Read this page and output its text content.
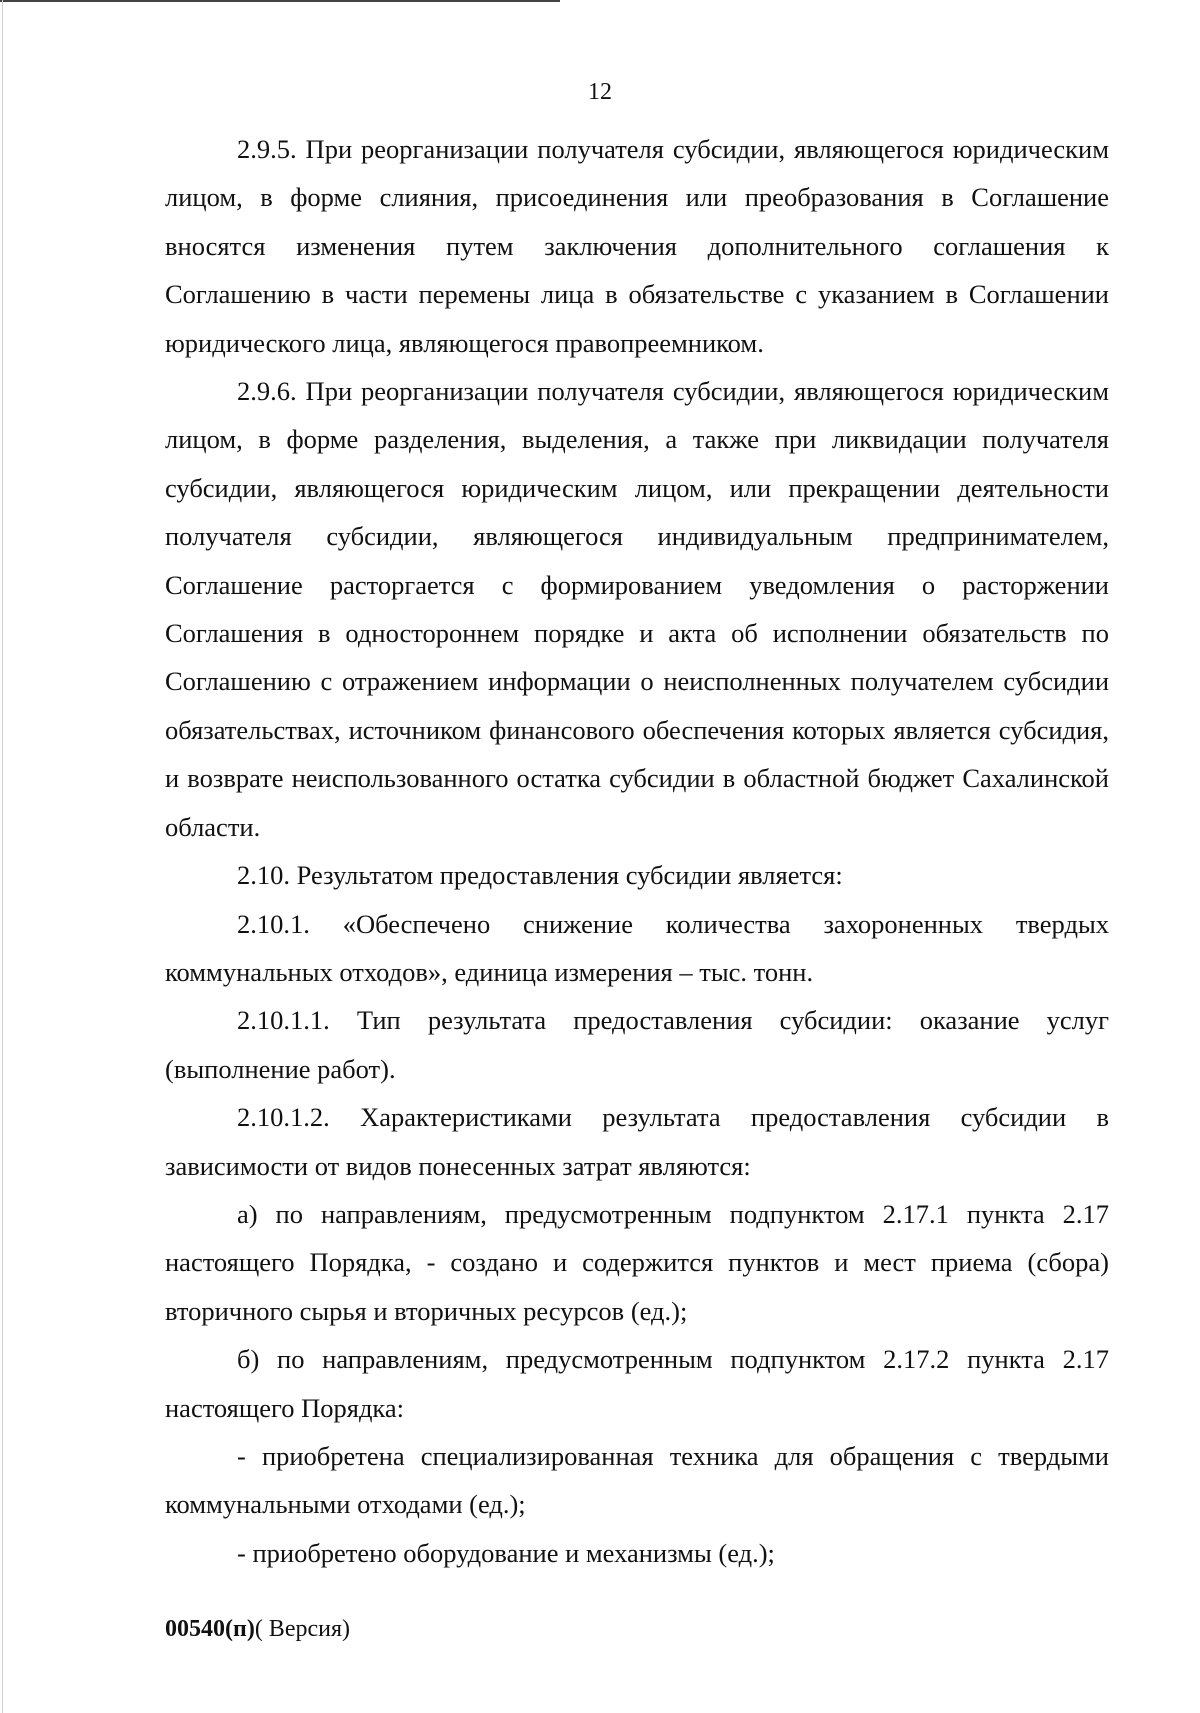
12

2.9.5. При реорганизации получателя субсидии, являющегося юридическим лицом, в форме слияния, присоединения или преобразования в Соглашение вносятся изменения путем заключения дополнительного соглашения к Соглашению в части перемены лица в обязательстве с указанием в Соглашении юридического лица, являющегося правопреемником.

2.9.6. При реорганизации получателя субсидии, являющегося юридическим лицом, в форме разделения, выделения, а также при ликвидации получателя субсидии, являющегося юридическим лицом, или прекращении деятельности получателя субсидии, являющегося индивидуальным предпринимателем, Соглашение расторгается с формированием уведомления о расторжении Соглашения в одностороннем порядке и акта об исполнении обязательств по Соглашению с отражением информации о неисполненных получателем субсидии обязательствах, источником финансового обеспечения которых является субсидия, и возврате неиспользованного остатка субсидии в областной бюджет Сахалинской области.

2.10. Результатом предоставления субсидии является:

2.10.1. «Обеспечено снижение количества захороненных твердых коммунальных отходов», единица измерения – тыс. тонн.

2.10.1.1. Тип результата предоставления субсидии: оказание услуг (выполнение работ).

2.10.1.2. Характеристиками результата предоставления субсидии в зависимости от видов понесенных затрат являются:

а) по направлениям, предусмотренным подпунктом 2.17.1 пункта 2.17 настоящего Порядка, - создано и содержится пунктов и мест приема (сбора) вторичного сырья и вторичных ресурсов (ед.);

б) по направлениям, предусмотренным подпунктом 2.17.2 пункта 2.17 настоящего Порядка:

- приобретена специализированная техника для обращения с твердыми коммунальными отходами (ед.);

- приобретено оборудование и механизмы (ед.);

00540(п)( Версия)
